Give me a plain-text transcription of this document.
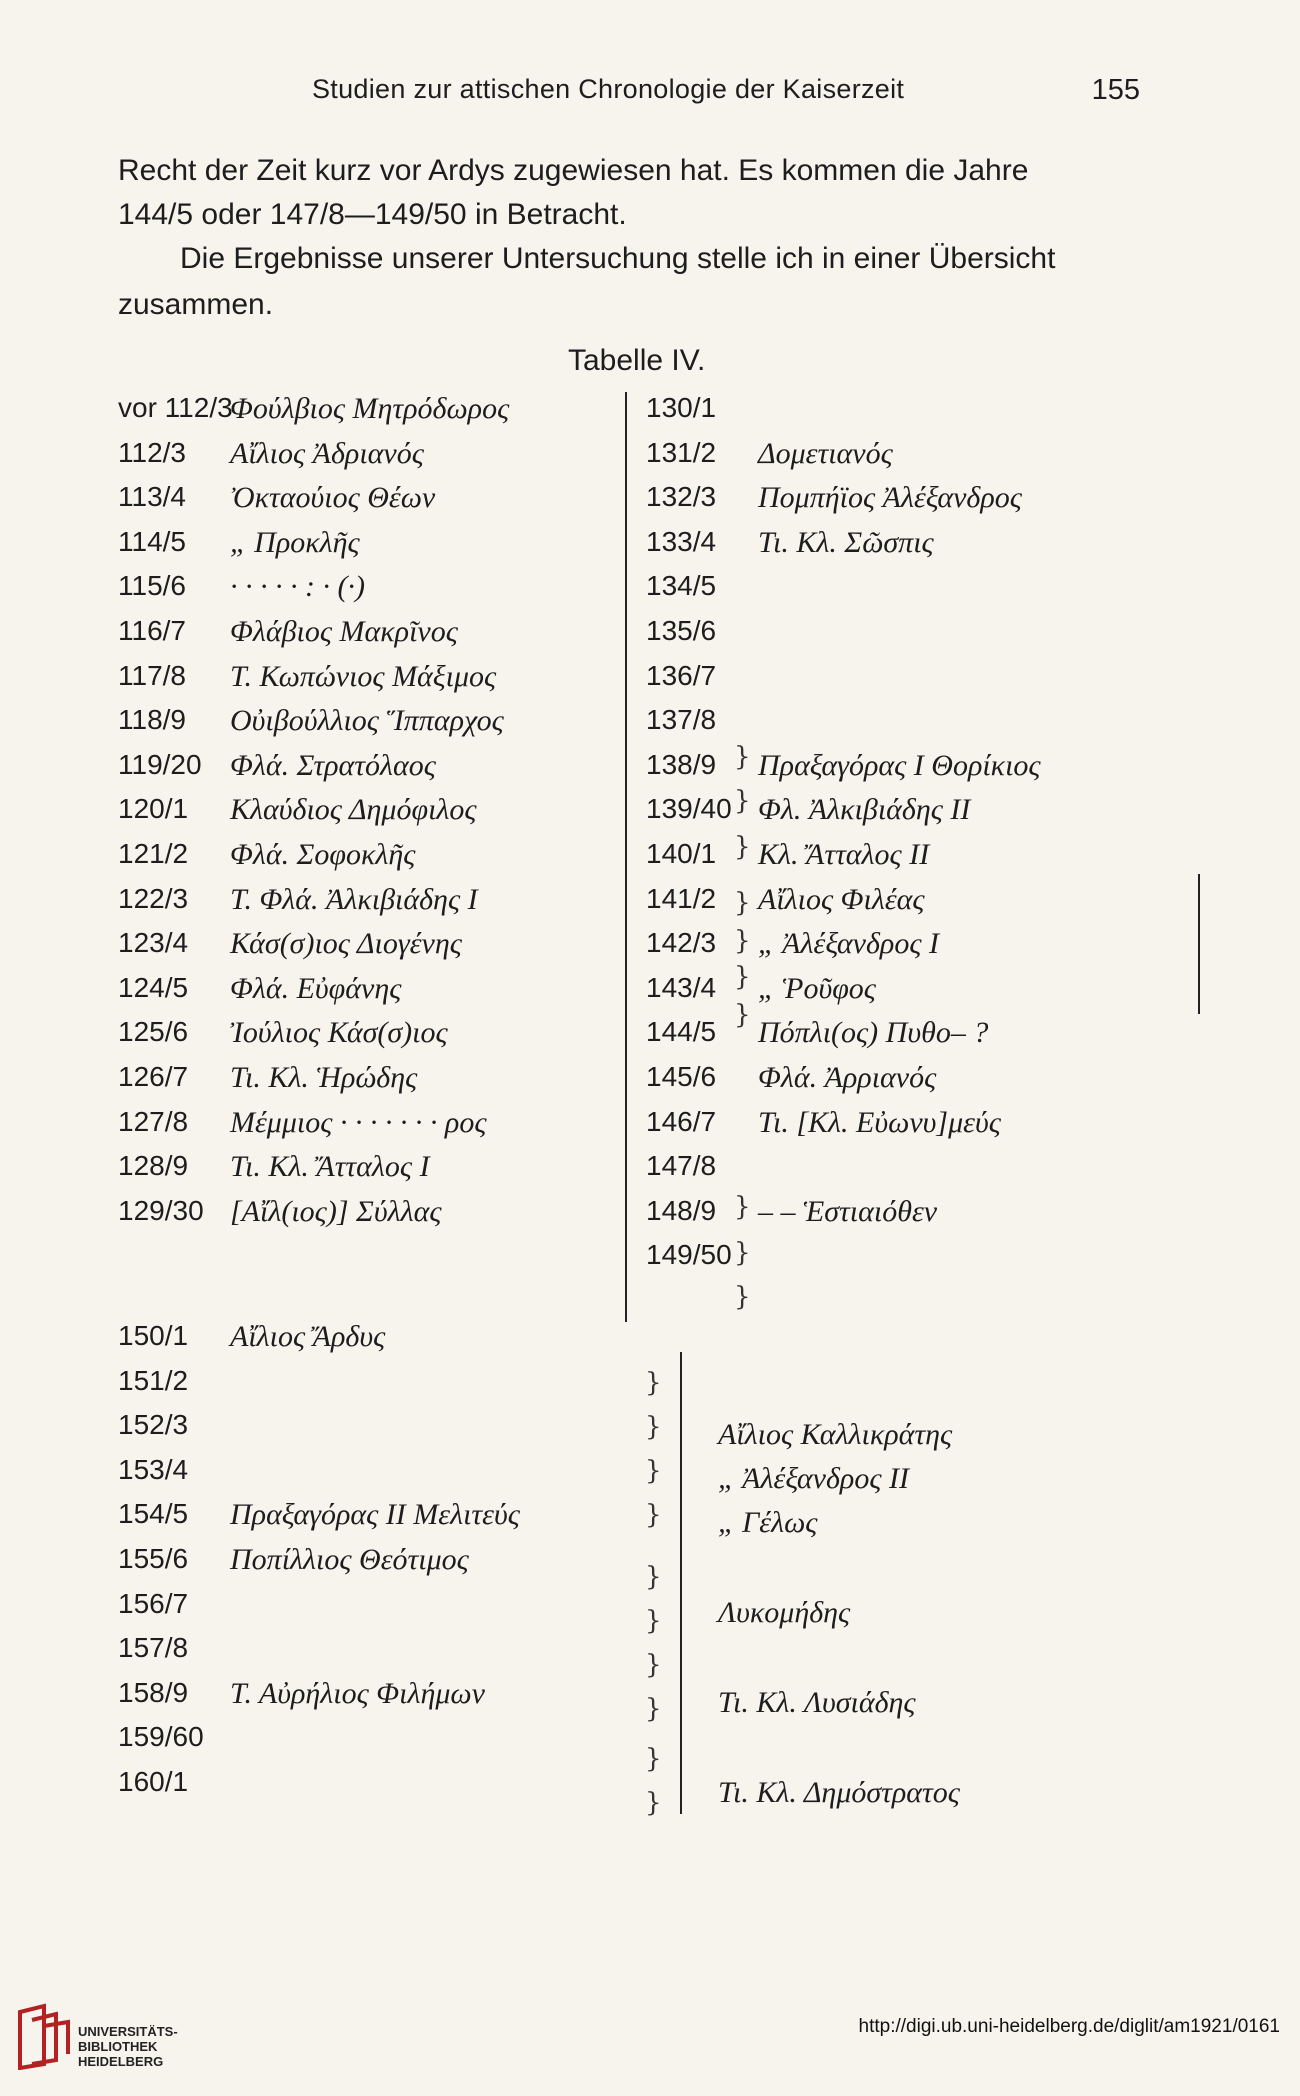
Studien zur attischen Chronologie der Kaiserzeit	155
Recht der Zeit kurz vor Ardys zugewiesen hat. Es kommen die Jahre
144/5 oder 147/8—149/50 in Betracht.
Die Ergebnisse unserer Untersuchung stelle ich in einer Übersicht
zusammen.
Tabelle IV.
vor 112/3
Φούλβιος Μητρόδωρος
112/3 Αἴλιος Ἀδριανός
113/4 Ὀκταούιος Θέων
114/5 „ Προκλῆς
115/6 · · · · · : · (·)
116/7 Φλάβιος Μακρῖνος
117/8 Τ. Κωπώνιος Μάξιμος
118/9 Οὐιβούλλιος Ἵππαρχος
119/20 Φλά. Στρατόλαος
120/1 Κλαύδιος Δημόφιλος
121/2 Φλά. Σοφοκλῆς
122/3 Τ. Φλά. Ἀλκιβιάδης Ι
123/4 Κάσ(σ)ιος Διογένης
124/5 Φλά. Εὐφάνης
125/6 Ἰούλιος Κάσ(σ)ιος
126/7 Τι. Κλ. Ἡρώδης
127/8 Μέμμιος · · · · · · · ρος
128/9 Τι. Κλ. Ἄτταλος Ι
129/30 [Αἴλ(ιος)] Σύλλας
130/1
131/2 Δομετιανός
132/3 Πομπήϊος Ἀλέξανδρος
133/4 Τι. Κλ. Σῶσπις
134/5
135/6
136/7
137/8
138/9 Πραξαγόρας Ι Θορίκιος
139/40 Φλ. Ἀλκιβιάδης ΙΙ
140/1 Κλ. Ἄτταλος ΙΙ
141/2 Αἴλιος Φιλέας
142/3 „ Ἀλέξανδρος Ι
143/4 „ Ῥοῦφος
144/5 Πόπλι(ος) Πυθο– ?
145/6 Φλά. Ἀρριανός
146/7 Τι. [Κλ. Εὐωνυ]μεύς
147/8
148/9 – – Ἑστιαιόθεν
149/50
150/1 Αἴλιος Ἄρδυς
151/2
152/3
153/4
154/5 Πραξαγόρας ΙΙ Μελιτεύς
155/6 Ποπίλλιος Θεότιμος
156/7
157/8
158/9 Τ. Αὐρήλιος Φιλήμων
159/60
160/1
Αἴλιος Καλλικράτης
„ Ἀλέξανδρος ΙΙ
„ Γέλως
Λυκομήδης
Τι. Κλ. Λυσιάδης
Τι. Κλ. Δημόστρατος
}
}
}
}
}
}
}
}
}
}
}
}
}
}
}
}
}
}
}
}
UNIVERSITÄTS-
BIBLIOTHEK
HEIDELBERG
http://digi.ub.uni-heidelberg.de/diglit/am1921/0161
